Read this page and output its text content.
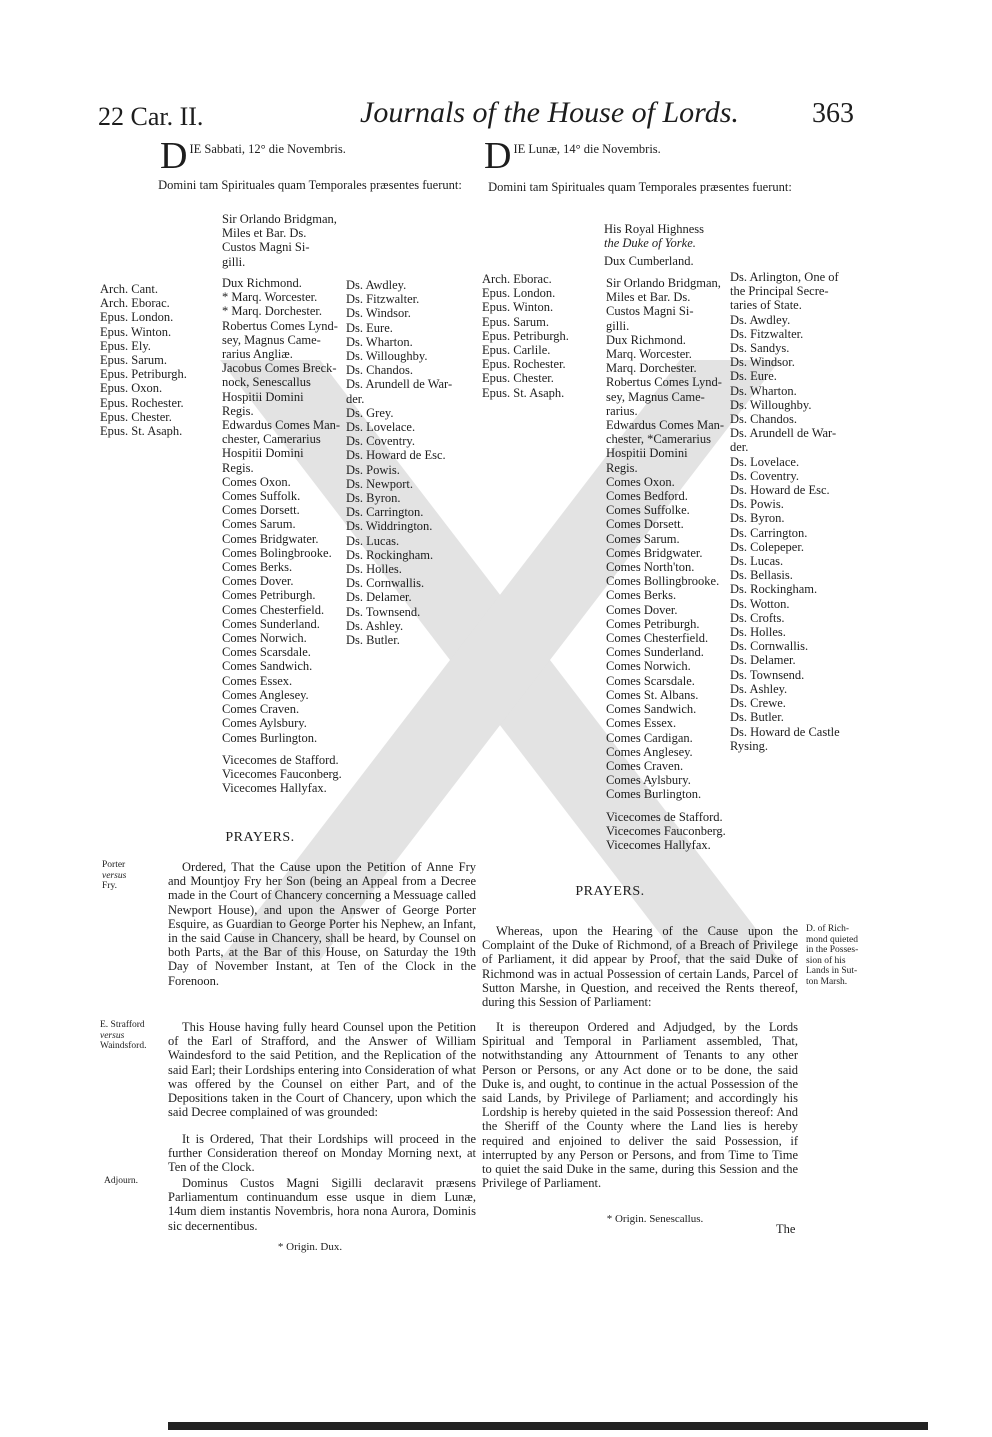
22 Car. II.	Journals of the House of Lords.	363
D IE Sabbati, 12° die Novembris.
Domini tam Spirituales quam Temporales præsentes fuerunt:
Sir Orlando Bridgman,
Miles et Bar. Ds.
Custos Magni Si-
gilli.
Arch. Cant.
Arch. Eborac.
Epus. London.
Epus. Winton.
Epus. Ely.
Epus. Sarum.
Epus. Petriburgh.
Epus. Oxon.
Epus. Rochester.
Epus. Chester.
Epus. St. Asaph.
Dux Richmond.
* Marq. Worcester.
* Marq. Dorchester.
Robertus Comes Lynd-
sey, Magnus Came-
rarius Angliæ.
Jacobus Comes Breck-
nock, Senescallus
Hospitii Domini
Regis.
Edwardus Comes Man-
chester, Camerarius
Hospitii Domini
Regis.
Comes Oxon.
Comes Suffolk.
Comes Dorsett.
Comes Sarum.
Comes Bridgwater.
Comes Bolingbrooke.
Comes Berks.
Comes Dover.
Comes Petriburgh.
Comes Chesterfield.
Comes Sunderland.
Comes Norwich.
Comes Scarsdale.
Comes Sandwich.
Comes Essex.
Comes Anglesey.
Comes Craven.
Comes Aylsbury.
Comes Burlington.
Vicecomes de Stafford.
Vicecomes Fauconberg.
Vicecomes Hallyfax.
Ds. Awdley.
Ds. Fitzwalter.
Ds. Windsor.
Ds. Eure.
Ds. Wharton.
Ds. Willoughby.
Ds. Chandos.
Ds. Arundell de War-
der.
Ds. Grey.
Ds. Lovelace.
Ds. Coventry.
Ds. Howard de Esc.
Ds. Powis.
Ds. Newport.
Ds. Byron.
Ds. Carrington.
Ds. Widdrington.
Ds. Lucas.
Ds. Rockingham.
Ds. Holles.
Ds. Cornwallis.
Ds. Delamer.
Ds. Townsend.
Ds. Ashley.
Ds. Butler.
PRAYERS.
Porter
versus
Fry.
Ordered, That the Cause upon the Petition of Anne Fry and Mountjoy Fry her Son (being an Appeal from a Decree made in the Court of Chancery concerning a Messuage called Newport House), and upon the Answer of George Porter Esquire, as Guardian to George Porter his Nephew, an Infant, in the said Cause in Chancery, shall be heard, by Counsel on both Parts, at the Bar of this House, on Saturday the 19th Day of November Instant, at Ten of the Clock in the Forenoon.
E. Strafford
versus
Waindsford.
This House having fully heard Counsel upon the Petition of the Earl of Strafford, and the Answer of William Waindesford to the said Petition, and the Replication of the said Earl; their Lordships entering into Consideration of what was offered by the Counsel on either Part, and of the Depositions taken in the Court of Chancery, upon which the said Decree complained of was grounded:
It is Ordered, That their Lordships will proceed in the further Consideration thereof on Monday Morning next, at Ten of the Clock.
Adjourn.	Dominus Custos Magni Sigilli declaravit præsens Parliamentum continuandum esse usque in diem Lunæ, 14um diem instantis Novembris, hora nona Aurora, Dominis sic decernentibus.
* Origin. Dux.
D IE Lunæ, 14° die Novembris.
Domini tam Spirituales quam Temporales præsentes fuerunt:
His Royal Highness
the Duke of Yorke.
Dux Cumberland.
Arch. Eborac.
Epus. London.
Epus. Winton.
Epus. Sarum.
Epus. Petriburgh.
Epus. Carlile.
Epus. Rochester.
Epus. Chester.
Epus. St. Asaph.
Sir Orlando Bridgman,
Miles et Bar. Ds.
Custos Magni Si-
gilli.
Dux Richmond.
Marq. Worcester.
Marq. Dorchester.
Robertus Comes Lynd-
sey, Magnus Came-
rarius.
Edwardus Comes Man-
chester, *Camerarius
Hospitii Domini
Regis.
Comes Oxon.
Comes Bedford.
Comes Suffolke.
Comes Dorsett.
Comes Sarum.
Comes Bridgwater.
Comes North'ton.
Comes Bollingbrooke.
Comes Berks.
Comes Dover.
Comes Petriburgh.
Comes Chesterfield.
Comes Sunderland.
Comes Norwich.
Comes Scarsdale.
Comes St. Albans.
Comes Sandwich.
Comes Essex.
Comes Cardigan.
Comes Anglesey.
Comes Craven.
Comes Aylsbury.
Comes Burlington.
Vicecomes de Stafford.
Vicecomes Fauconberg.
Vicecomes Hallyfax.
Ds. Arlington, One of
the Principal Secre-
taries of State.
Ds. Awdley.
Ds. Fitzwalter.
Ds. Sandys.
Ds. Windsor.
Ds. Eure.
Ds. Wharton.
Ds. Willoughby.
Ds. Chandos.
Ds. Arundell de War-
der.
Ds. Lovelace.
Ds. Coventry.
Ds. Howard de Esc.
Ds. Powis.
Ds. Byron.
Ds. Carrington.
Ds. Colepeper.
Ds. Lucas.
Ds. Bellasis.
Ds. Rockingham.
Ds. Wotton.
Ds. Crofts.
Ds. Holles.
Ds. Cornwallis.
Ds. Delamer.
Ds. Townsend.
Ds. Ashley.
Ds. Crewe.
Ds. Butler.
Ds. Howard de Castle
Rysing.
PRAYERS.
Whereas, upon the Hearing of the Cause upon the Complaint of the Duke of Richmond, of a Breach of Privilege of Parliament, it did appear by Proof, that the said Duke of Richmond was in actual Possession of certain Lands, Parcel of Sutton Marshe, in Question, and received the Rents thereof, during this Session of Parliament:
D. of Rich-
mond quieted
in the Posses-
sion of his
Lands in Sut-
ton Marsh.
It is thereupon Ordered and Adjudged, by the Lords Spiritual and Temporal in Parliament assembled, That, notwithstanding any Attournment of Tenants to any other Person or Persons, or any Act done or to be done, the said Duke is, and ought, to continue in the actual Possession of the said Lands, by Privilege of Parliament; and accordingly his Lordship is hereby quieted in the said Possession thereof: And the Sheriff of the County where the Land lies is hereby required and enjoined to deliver the said Possession, if interrupted by any Person or Persons, and from Time to Time to quiet the said Duke in the same, during this Session and the Privilege of Parliament.
* Origin. Senescallus.
The
